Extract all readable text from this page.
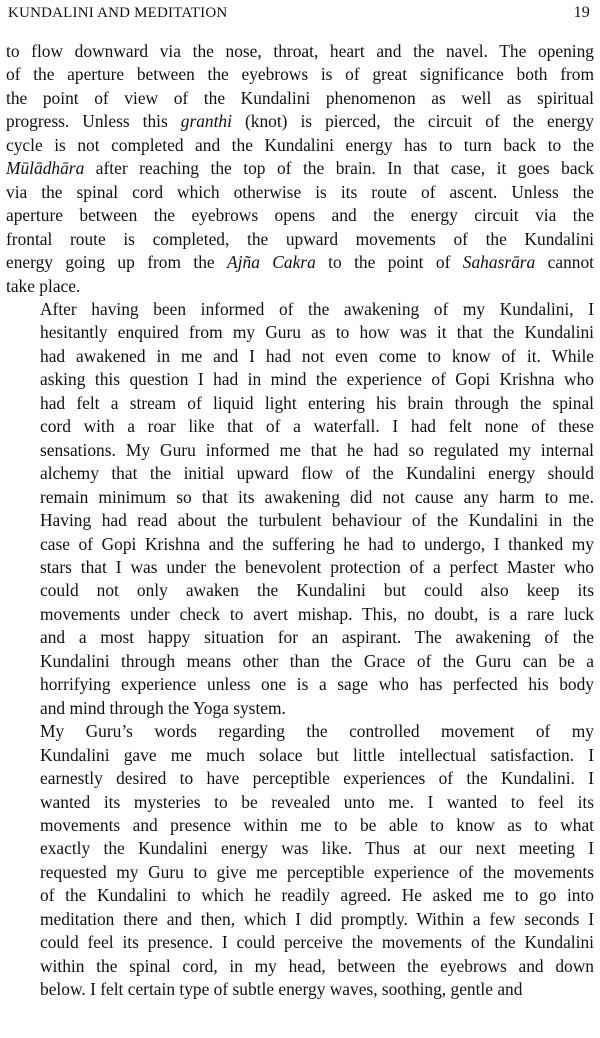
KUNDALINI AND MEDITATION	19
to flow downward via the nose, throat, heart and the navel. The opening
of the aperture between the eyebrows is of great significance both from
the point of view of the Kundalini phenomenon as well as spiritual
progress. Unless this granthi (knot) is pierced, the circuit of the energy
cycle is not completed and the Kundalini energy has to turn back to the
Mūlādhāra after reaching the top of the brain. In that case, it goes back
via the spinal cord which otherwise is its route of ascent. Unless the
aperture between the eyebrows opens and the energy circuit via the
frontal route is completed, the upward movements of the Kundalini
energy going up from the Ajña Cakra to the point of Sahasrāra cannot
take place.
After having been informed of the awakening of my Kundalini, I
hesitantly enquired from my Guru as to how was it that the Kundalini
had awakened in me and I had not even come to know of it. While
asking this question I had in mind the experience of Gopi Krishna who
had felt a stream of liquid light entering his brain through the spinal
cord with a roar like that of a waterfall. I had felt none of these
sensations. My Guru informed me that he had so regulated my internal
alchemy that the initial upward flow of the Kundalini energy should
remain minimum so that its awakening did not cause any harm to me.
Having had read about the turbulent behaviour of the Kundalini in the
case of Gopi Krishna and the suffering he had to undergo, I thanked my
stars that I was under the benevolent protection of a perfect Master who
could not only awaken the Kundalini but could also keep its
movements under check to avert mishap. This, no doubt, is a rare luck
and a most happy situation for an aspirant. The awakening of the
Kundalini through means other than the Grace of the Guru can be a
horrifying experience unless one is a sage who has perfected his body
and mind through the Yoga system.
My Guru’s words regarding the controlled movement of my
Kundalini gave me much solace but little intellectual satisfaction. I
earnestly desired to have perceptible experiences of the Kundalini. I
wanted its mysteries to be revealed unto me. I wanted to feel its
movements and presence within me to be able to know as to what
exactly the Kundalini energy was like. Thus at our next meeting I
requested my Guru to give me perceptible experience of the movements
of the Kundalini to which he readily agreed. He asked me to go into
meditation there and then, which I did promptly. Within a few seconds I
could feel its presence. I could perceive the movements of the Kundalini
within the spinal cord, in my head, between the eyebrows and down
below. I felt certain type of subtle energy waves, soothing, gentle and
